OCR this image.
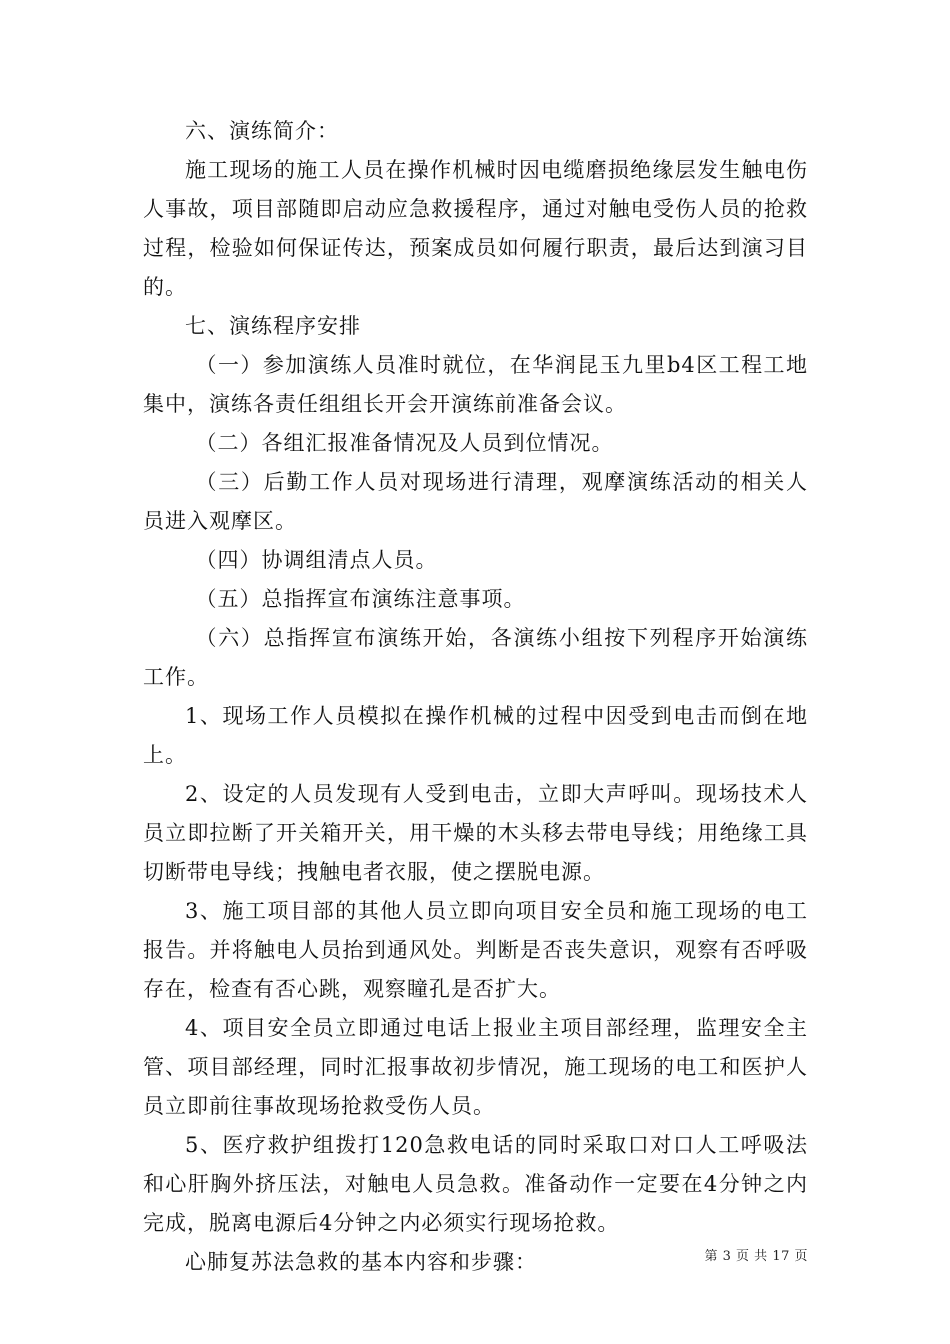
六、演练简介：

施工现场的施工人员在操作机械时因电缆磨损绝缘层发生触电伤人事故，项目部随即启动应急救援程序，通过对触电受伤人员的抢救过程，检验如何保证传达，预案成员如何履行职责，最后达到演习目的。

七、演练程序安排

（一）参加演练人员准时就位，在华润昆玉九里b4区工程工地集中，演练各责任组组长开会开演练前准备会议。

（二）各组汇报准备情况及人员到位情况。

（三）后勤工作人员对现场进行清理，观摩演练活动的相关人员进入观摩区。

（四）协调组清点人员。

（五）总指挥宣布演练注意事项。

（六）总指挥宣布演练开始，各演练小组按下列程序开始演练工作。

1、现场工作人员模拟在操作机械的过程中因受到电击而倒在地上。

2、设定的人员发现有人受到电击，立即大声呼叫。现场技术人员立即拉断了开关箱开关，用干燥的木头移去带电导线；用绝缘工具切断带电导线；拽触电者衣服，使之摆脱电源。

3、施工项目部的其他人员立即向项目安全员和施工现场的电工报告。并将触电人员抬到通风处。判断是否丧失意识，观察有否呼吸存在，检查有否心跳，观察瞳孔是否扩大。

4、项目安全员立即通过电话上报业主项目部经理，监理安全主管、项目部经理，同时汇报事故初步情况，施工现场的电工和医护人员立即前往事故现场抢救受伤人员。

5、医疗救护组拨打120急救电话的同时采取口对口人工呼吸法和心肝胸外挤压法，对触电人员急救。准备动作一定要在4分钟之内完成，脱离电源后4分钟之内必须实行现场抢救。

心肺复苏法急救的基本内容和步骤：	第 3 页 共 17 页
